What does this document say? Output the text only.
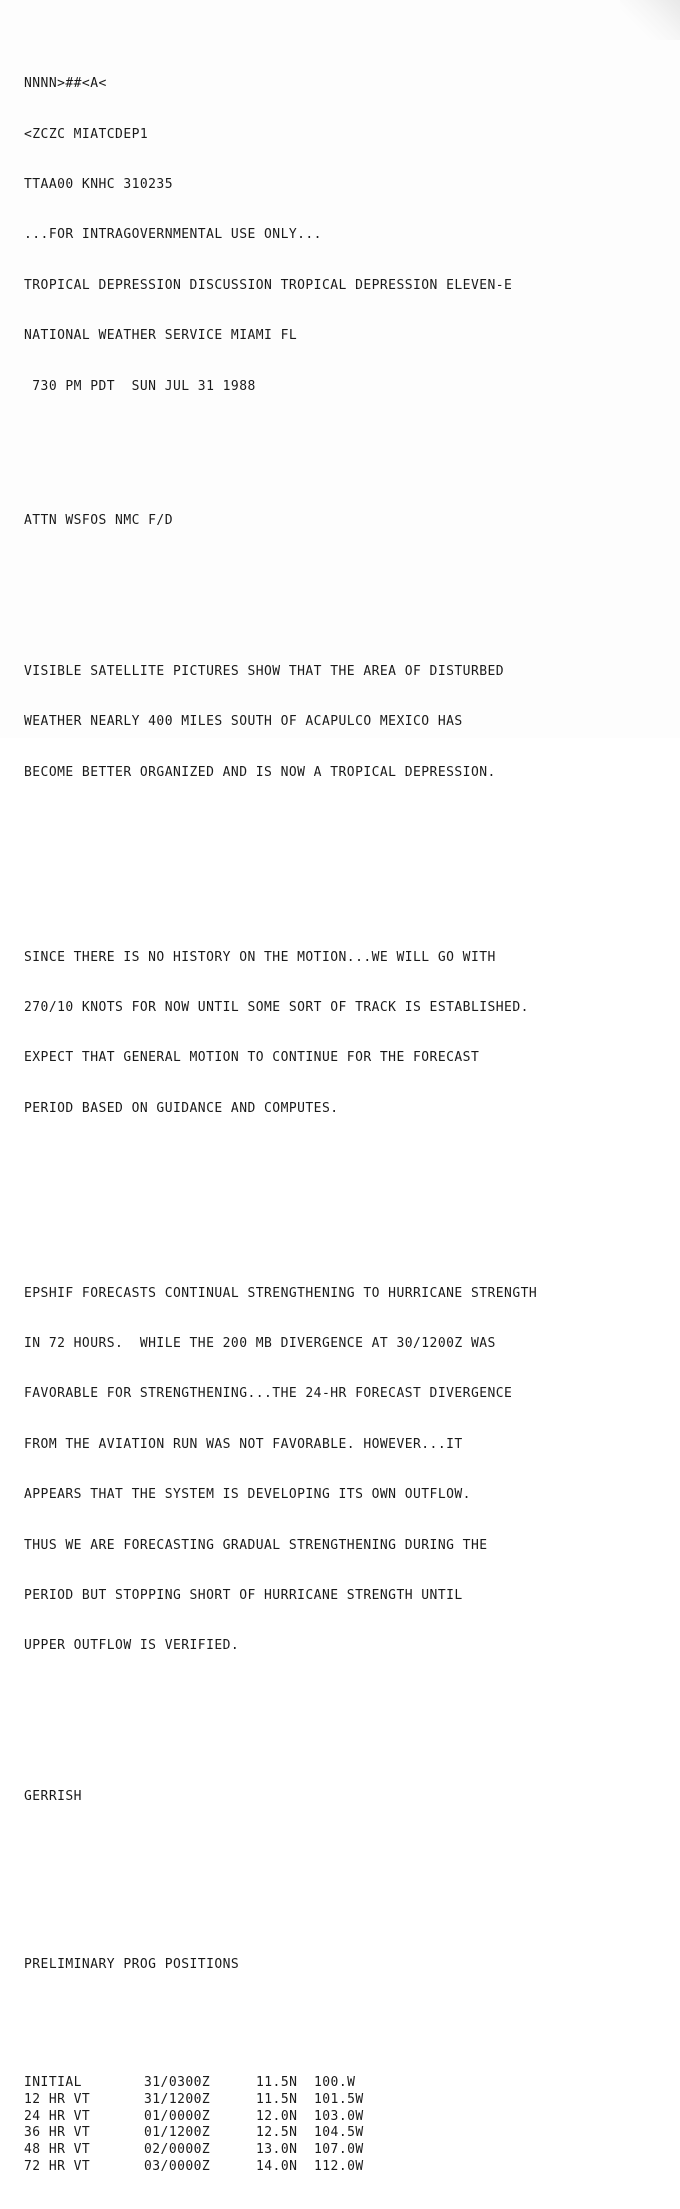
NNNN>##<A<

<ZCZC MIATCDEP1

TTAA00 KNHC 310235

...FOR INTRAGOVERNMENTAL USE ONLY...

TROPICAL DEPRESSION DISCUSSION TROPICAL DEPRESSION ELEVEN-E

NATIONAL WEATHER SERVICE MIAMI FL

730 PM PDT  SUN JUL 31 1988

ATTN WSFOS NMC F/D

VISIBLE SATELLITE PICTURES SHOW THAT THE AREA OF DISTURBED

WEATHER NEARLY 400 MILES SOUTH OF ACAPULCO MEXICO HAS

BECOME BETTER ORGANIZED AND IS NOW A TROPICAL DEPRESSION.

SINCE THERE IS NO HISTORY ON THE MOTION...WE WILL GO WITH

270/10 KNOTS FOR NOW UNTIL SOME SORT OF TRACK IS ESTABLISHED.

EXPECT THAT GENERAL MOTION TO CONTINUE FOR THE FORECAST

PERIOD BASED ON GUIDANCE AND COMPUTES.

EPSHIF FORECASTS CONTINUAL STRENGTHENING TO HURRICANE STRENGTH

IN 72 HOURS.  WHILE THE 200 MB DIVERGENCE AT 30/1200Z WAS

FAVORABLE FOR STRENGTHENING...THE 24-HR FORECAST DIVERGENCE

FROM THE AVIATION RUN WAS NOT FAVORABLE. HOWEVER...IT

APPEARS THAT THE SYSTEM IS DEVELOPING ITS OWN OUTFLOW.

THUS WE ARE FORECASTING GRADUAL STRENGTHENING DURING THE

PERIOD BUT STOPPING SHORT OF HURRICANE STRENGTH UNTIL

UPPER OUTFLOW IS VERIFIED.

GERRISH

PRELIMINARY PROG POSITIONS

INITIAL	31/0300Z	11.5N	100.W
12 HR VT	31/1200Z	11.5N	101.5W
24 HR VT	01/0000Z	12.0N	103.0W
36 HR VT	01/1200Z	12.5N	104.5W
48 HR VT	02/0000Z	13.0N	107.0W
72 HR VT	03/0000Z	14.0N	112.0W
